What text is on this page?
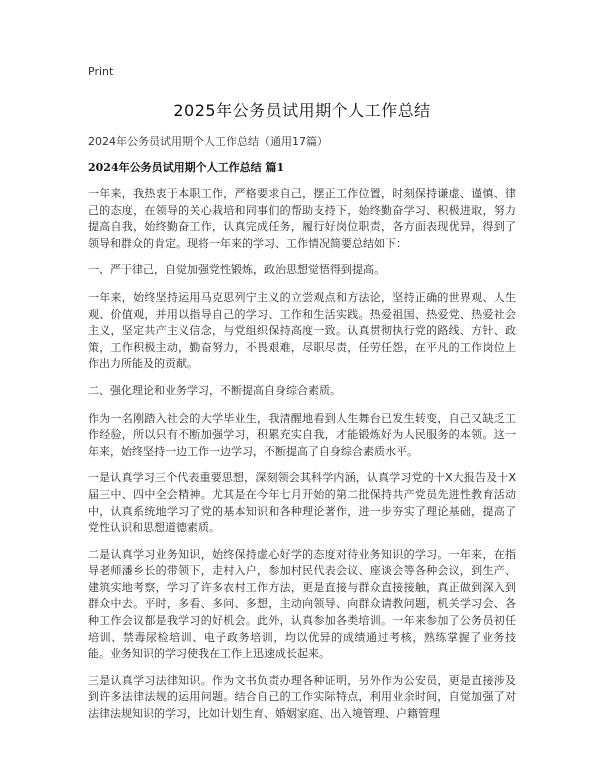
Print
2025年公务员试用期个人工作总结
2024年公务员试用期个人工作总结（通用17篇）
2024年公务员试用期个人工作总结 篇1

一年来，我热衷于本职工作，严格要求自己，摆正工作位置，时刻保持谦虚、谨慎、律己的态度，在领导的关心栽培和同事们的帮助支持下，始终勤奋学习、积极进取，努力提高自我，始终勤奋工作，认真完成任务，履行好岗位职责，各方面表现优异，得到了领导和群众的肯定。现将一年来的学习、工作情况简要总结如下：

一、严于律己，自觉加强党性锻炼，政治思想觉悟得到提高。

一年来，始终坚持运用马克思列宁主义的立尝观点和方法论，坚持正确的世界观、人生观、价值观，并用以指导自己的学习、工作和生活实践。热爱祖国、热爱党、热爱社会主义，坚定共产主义信念，与党组织保持高度一致。认真贯彻执行党的路线、方针、政策，工作积极主动，勤奋努力，不畏艰难，尽职尽责，任劳任怨，在平凡的工作岗位上作出力所能及的贡献。

二、强化理论和业务学习，不断提高自身综合素质。

作为一名刚踏入社会的大学毕业生，我清醒地看到人生舞台已发生转变，自己又缺乏工作经验，所以只有不断加强学习，积累充实自我，才能锻炼好为人民服务的本领。这一年来，始终坚持一边工作一边学习，不断提高了自身综合素质水平。

一是认真学习三个代表重要思想，深刻领会其科学内涵，认真学习党的十X大报告及十X届三中、四中全会精神。尤其是在今年七月开始的第二批保持共产党员先进性教育活动中，认真系统地学习了党的基本知识和各种理论著作，进一步夯实了理论基础，提高了党性认识和思想道德素质。

二是认真学习业务知识，始终保持虚心好学的态度对待业务知识的学习。一年来，在指导老师潘乡长的带领下，走村入户，参加村民代表会议、座谈会等各种会议，到生产、建筑实地考察，学习了许多农村工作方法，更是直接与群众直接接触，真正做到深入到群众中去。平时，多看、多问、多想，主动向领导、向群众请教问题，机关学习会、各种工作会议都是我学习的好机会。此外，认真参加各类培训。一年来参加了公务员初任培训、禁毒尿检培训、电子政务培训，均以优异的成绩通过考核，熟练掌握了业务技能。业务知识的学习使我在工作上迅速成长起来。

三是认真学习法律知识。作为文书负责办理各种证明，另外作为公安员，更是直接涉及到许多法律法规的运用问题。结合自己的工作实际特点，利用业余时间，自觉加强了对法律法规知识的学习，比如计划生育、婚姻家庭、出入境管理、户籍管理
